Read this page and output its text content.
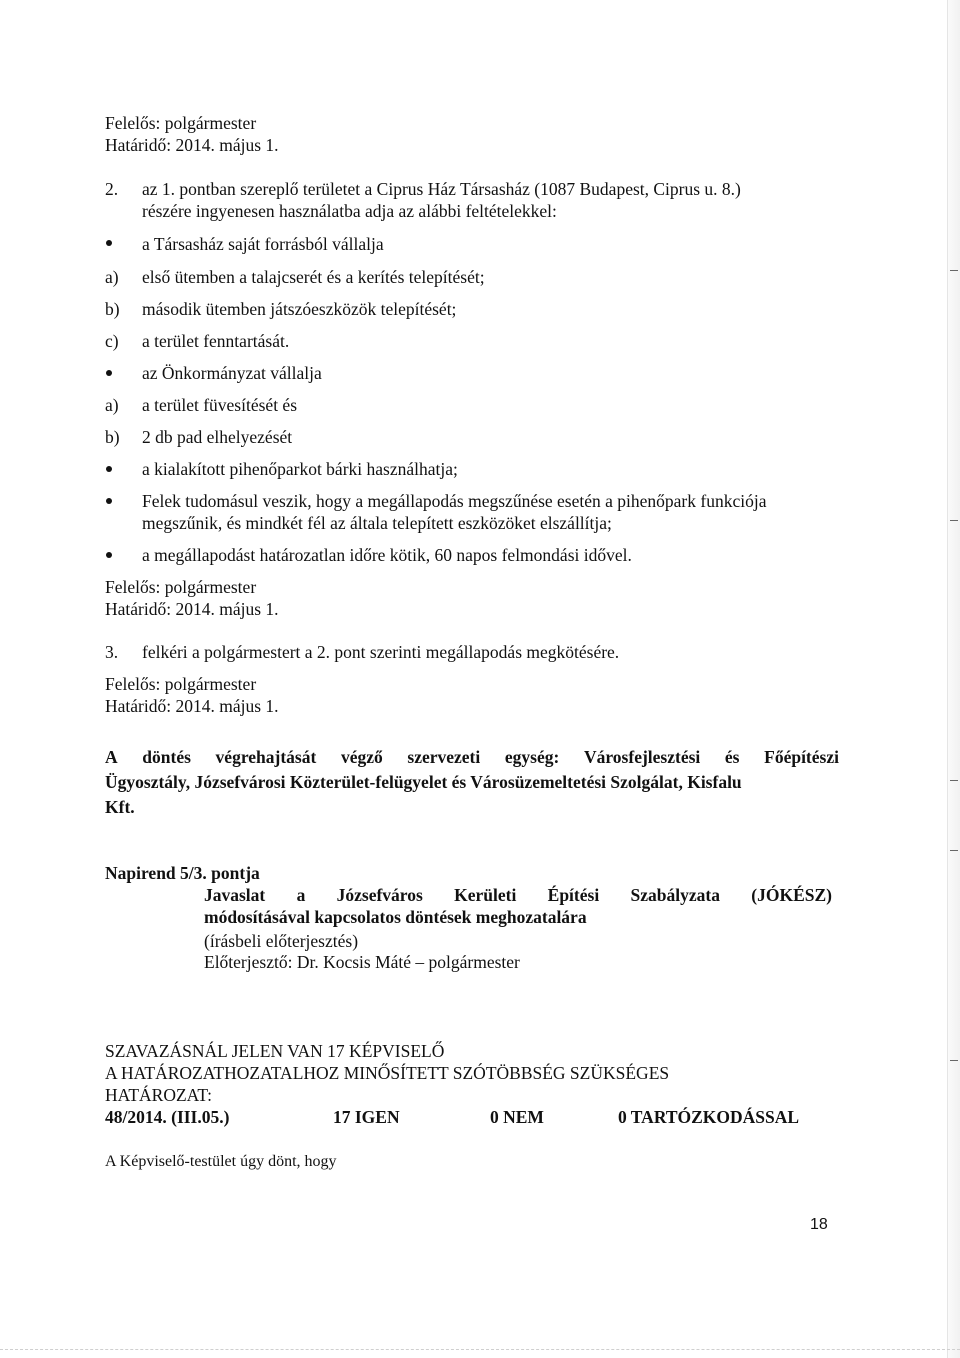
Felelős: polgármester
Határidő: 2014. május 1.
2. az 1. pontban szereplő területet a Ciprus Ház Társasház (1087 Budapest, Ciprus u. 8.)
részére ingyenesen használatba adja az alábbi feltételekkel:
a Társasház saját forrásból vállalja
a) első ütemben a talajcserét és a kerítés telepítését;
b) második ütemben játszóeszközök telepítését;
c) a terület fenntartását.
az Önkormányzat vállalja
a) a terület füvesítését és
b) 2 db pad elhelyezését
a kialakított pihenőparkot bárki használhatja;
Felek tudomásul veszik, hogy a megállapodás megszűnése esetén a pihenőpark funkciója
megszűnik, és mindkét fél az általa telepített eszközöket elszállítja;
a megállapodást határozatlan időre kötik, 60 napos felmondási idővel.
Felelős: polgármester
Határidő: 2014. május 1.
3. felkéri a polgármestert a 2. pont szerinti megállapodás megkötésére.
Felelős: polgármester
Határidő: 2014. május 1.
A döntés végrehajtását végző szervezeti egység: Városfejlesztési és Főépítészi
Ügyosztály, Józsefvárosi Közterület-felügyelet és Városüzemeltetési Szolgálat, Kisfalu
Kft.
Napirend 5/3. pontja
Javaslat a Józsefváros Kerületi Építési Szabályzata (JÓKÉSZ)
módosításával kapcsolatos döntések meghozatalára
(írásbeli előterjesztés)
Előterjesztő: Dr. Kocsis Máté – polgármester
SZAVAZÁSNÁL JELEN VAN 17 KÉPVISELŐ
A HATÁROZATHOZATALHOZ MINŐSÍTETT SZÓTÖBBSÉG SZÜKSÉGES
HATÁROZAT:
48/2014. (III.05.)	17 IGEN	0 NEM	0 TARTÓZKODÁSSAL
A Képviselő-testület úgy dönt, hogy
18
